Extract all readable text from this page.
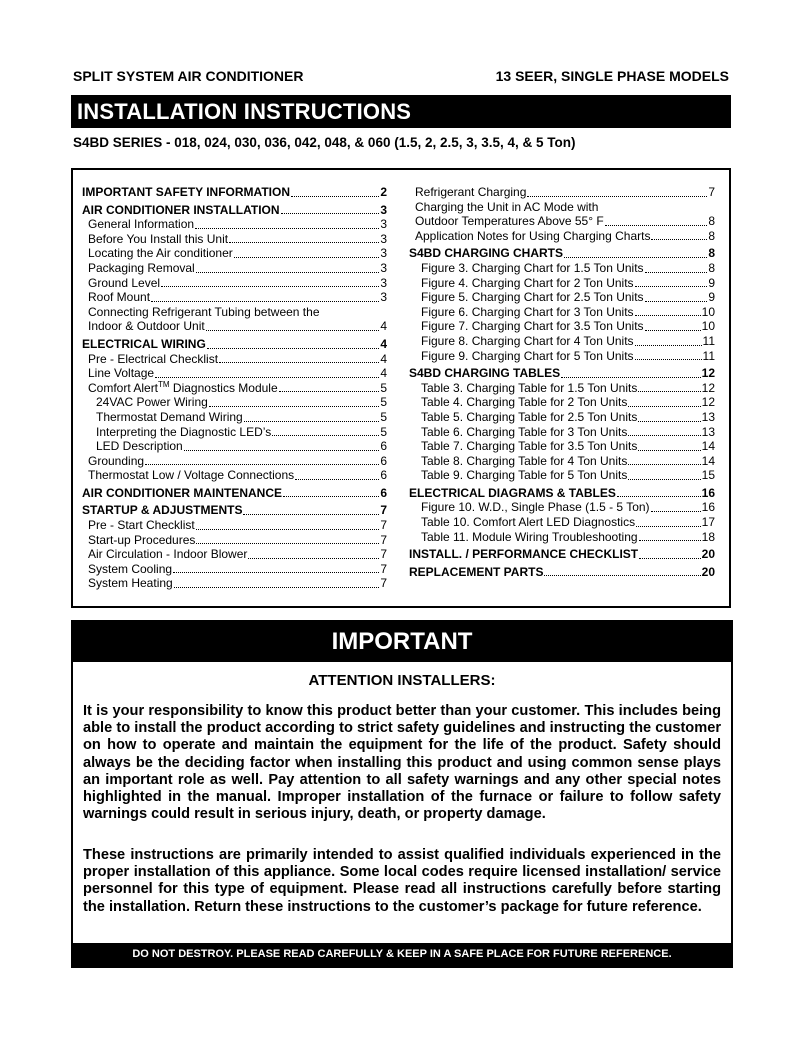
SPLIT SYSTEM AIR CONDITIONER	13 SEER, SINGLE PHASE MODELS
INSTALLATION INSTRUCTIONS
S4BD SERIES - 018, 024, 030, 036, 042, 048, & 060 (1.5, 2, 2.5, 3, 3.5, 4, & 5 Ton)
IMPORTANT SAFETY INFORMATION	2
AIR CONDITIONER INSTALLATION	3
General Information	3
Before You Install this Unit	3
Locating the Air conditioner	3
Packaging Removal	3
Ground Level	3
Roof Mount	3
Connecting Refrigerant Tubing between the
Indoor & Outdoor Unit	4
ELECTRICAL WIRING	4
Pre - Electrical Checklist	4
Line Voltage	4
Comfort Alert™ Diagnostics Module	5
24VAC Power Wiring	5
Thermostat Demand Wiring	5
Interpreting the Diagnostic LED’s	5
LED Description	6
Grounding	6
Thermostat Low / Voltage Connections	6
AIR CONDITIONER MAINTENANCE	6
STARTUP & ADJUSTMENTS	7
Pre - Start Checklist	7
Start-up Procedures	7
Air Circulation - Indoor Blower	7
System Cooling	7
System Heating	7
Refrigerant Charging	7
Charging the Unit in AC Mode with
Outdoor Temperatures Above 55° F	8
Application Notes for Using Charging Charts	8
S4BD CHARGING CHARTS	8
Figure 3. Charging Chart for 1.5 Ton Units	8
Figure 4. Charging Chart for 2 Ton Units	9
Figure 5. Charging Chart for 2.5 Ton Units	9
Figure 6. Charging Chart for 3 Ton Units	10
Figure 7. Charging Chart for 3.5 Ton Units	10
Figure 8. Charging Chart for 4 Ton Units	11
Figure 9. Charging Chart for 5 Ton Units	11
S4BD CHARGING TABLES	12
Table 3. Charging Table for 1.5 Ton Units	12
Table 4. Charging Table for 2 Ton Units	12
Table 5. Charging Table for 2.5 Ton Units	13
Table 6. Charging Table for 3 Ton Units	13
Table 7. Charging Table for 3.5 Ton Units	14
Table 8. Charging Table for 4 Ton Units	14
Table 9. Charging Table for 5 Ton Units	15
ELECTRICAL DIAGRAMS & TABLES	16
Figure 10. W.D., Single Phase (1.5 - 5 Ton)	16
Table 10. Comfort Alert LED Diagnostics	17
Table 11. Module Wiring Troubleshooting	18
INSTALL. / PERFORMANCE CHECKLIST	20
REPLACEMENT PARTS	20
IMPORTANT
ATTENTION INSTALLERS:
It is your responsibility to know this product better than your customer. This includes being able to install the product according to strict safety guidelines and instructing the customer on how to operate and maintain the equipment for the life of the product. Safety should always be the deciding factor when installing this product and using common sense plays an important role as well. Pay attention to all safety warnings and any other special notes highlighted in the manual. Improper installation of the furnace or failure to follow safety warnings could result in serious injury, death, or property damage.
These instructions are primarily intended to assist qualified individuals experienced in the proper installation of this appliance. Some local codes require licensed installation/ service personnel for this type of equipment. Please read all instructions carefully before starting the installation. Return these instructions to the customer’s package for future reference.
DO NOT DESTROY. PLEASE READ CAREFULLY & KEEP IN A SAFE PLACE FOR FUTURE REFERENCE.
